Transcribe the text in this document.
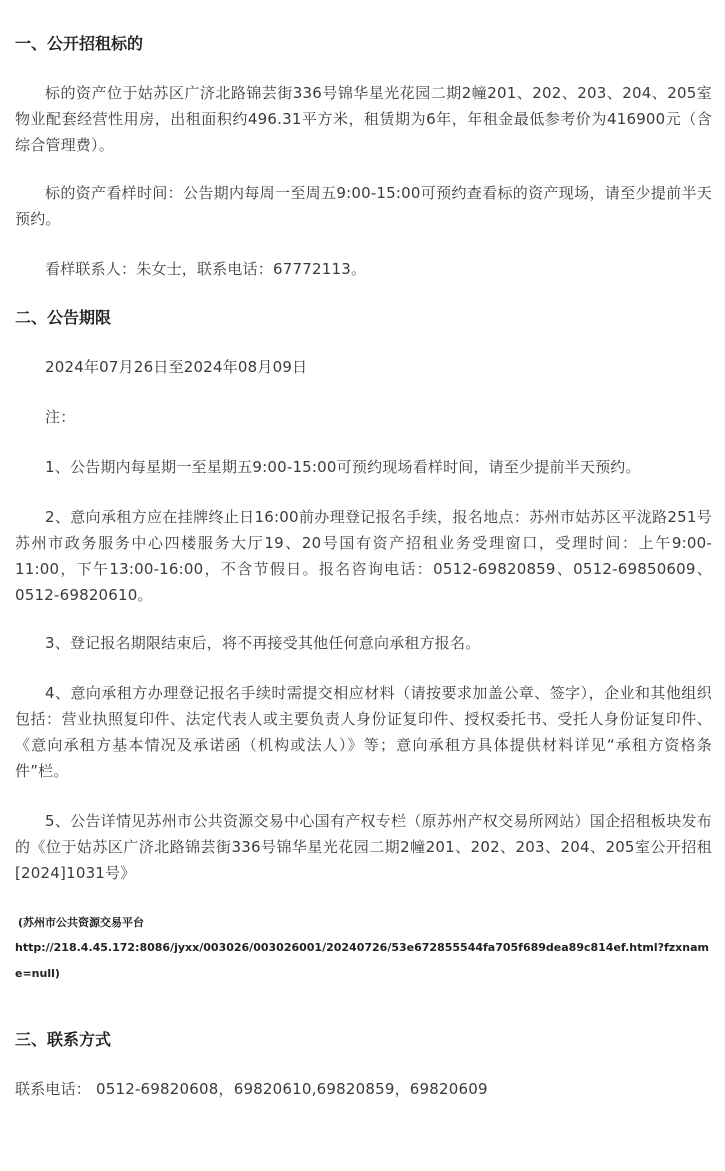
一、公开招租标的

标的资产位于姑苏区广济北路锦芸街336号锦华星光花园二期2幢201、202、203、204、205室物业配套经营性用房，出租面积约496.31平方米，租赁期为6年，年租金最低参考价为416900元（含综合管理费）。

标的资产看样时间：公告期内每周一至周五9:00-15:00可预约查看标的资产现场，请至少提前半天预约。

看样联系人：朱女士，联系电话：67772113。

二、公告期限

2024年07月26日至2024年08月09日

注：

1、公告期内每星期一至星期五9:00-15:00可预约现场看样时间，请至少提前半天预约。

2、意向承租方应在挂牌终止日16:00前办理登记报名手续，报名地点：苏州市姑苏区平泷路251号苏州市政务服务中心四楼服务大厅19、20号国有资产招租业务受理窗口，受理时间：上午9:00-11:00，下午13:00-16:00，不含节假日。报名咨询电话：0512-69820859、0512-69850609、0512-69820610。

3、登记报名期限结束后，将不再接受其他任何意向承租方报名。

4、意向承租方办理登记报名手续时需提交相应材料（请按要求加盖公章、签字），企业和其他组织包括：营业执照复印件、法定代表人或主要负责人身份证复印件、授权委托书、受托人身份证复印件、《意向承租方基本情况及承诺函（机构或法人）》等；意向承租方具体提供材料详见“承租方资格条件”栏。

5、公告详情见苏州市公共资源交易中心国有产权专栏（原苏州产权交易所网站）国企招租板块发布的《位于姑苏区广济北路锦芸街336号锦华星光花园二期2幢201、202、203、204、205室公开招租[2024]1031号》

(苏州市公共资源交易平台

http://218.4.45.172:8086/jyxx/003026/003026001/20240726/53e672855544fa705f689dea89c814ef.html?fzxname=null)

三、联系方式

联系电话： 0512-69820608，69820610,69820859，69820609
